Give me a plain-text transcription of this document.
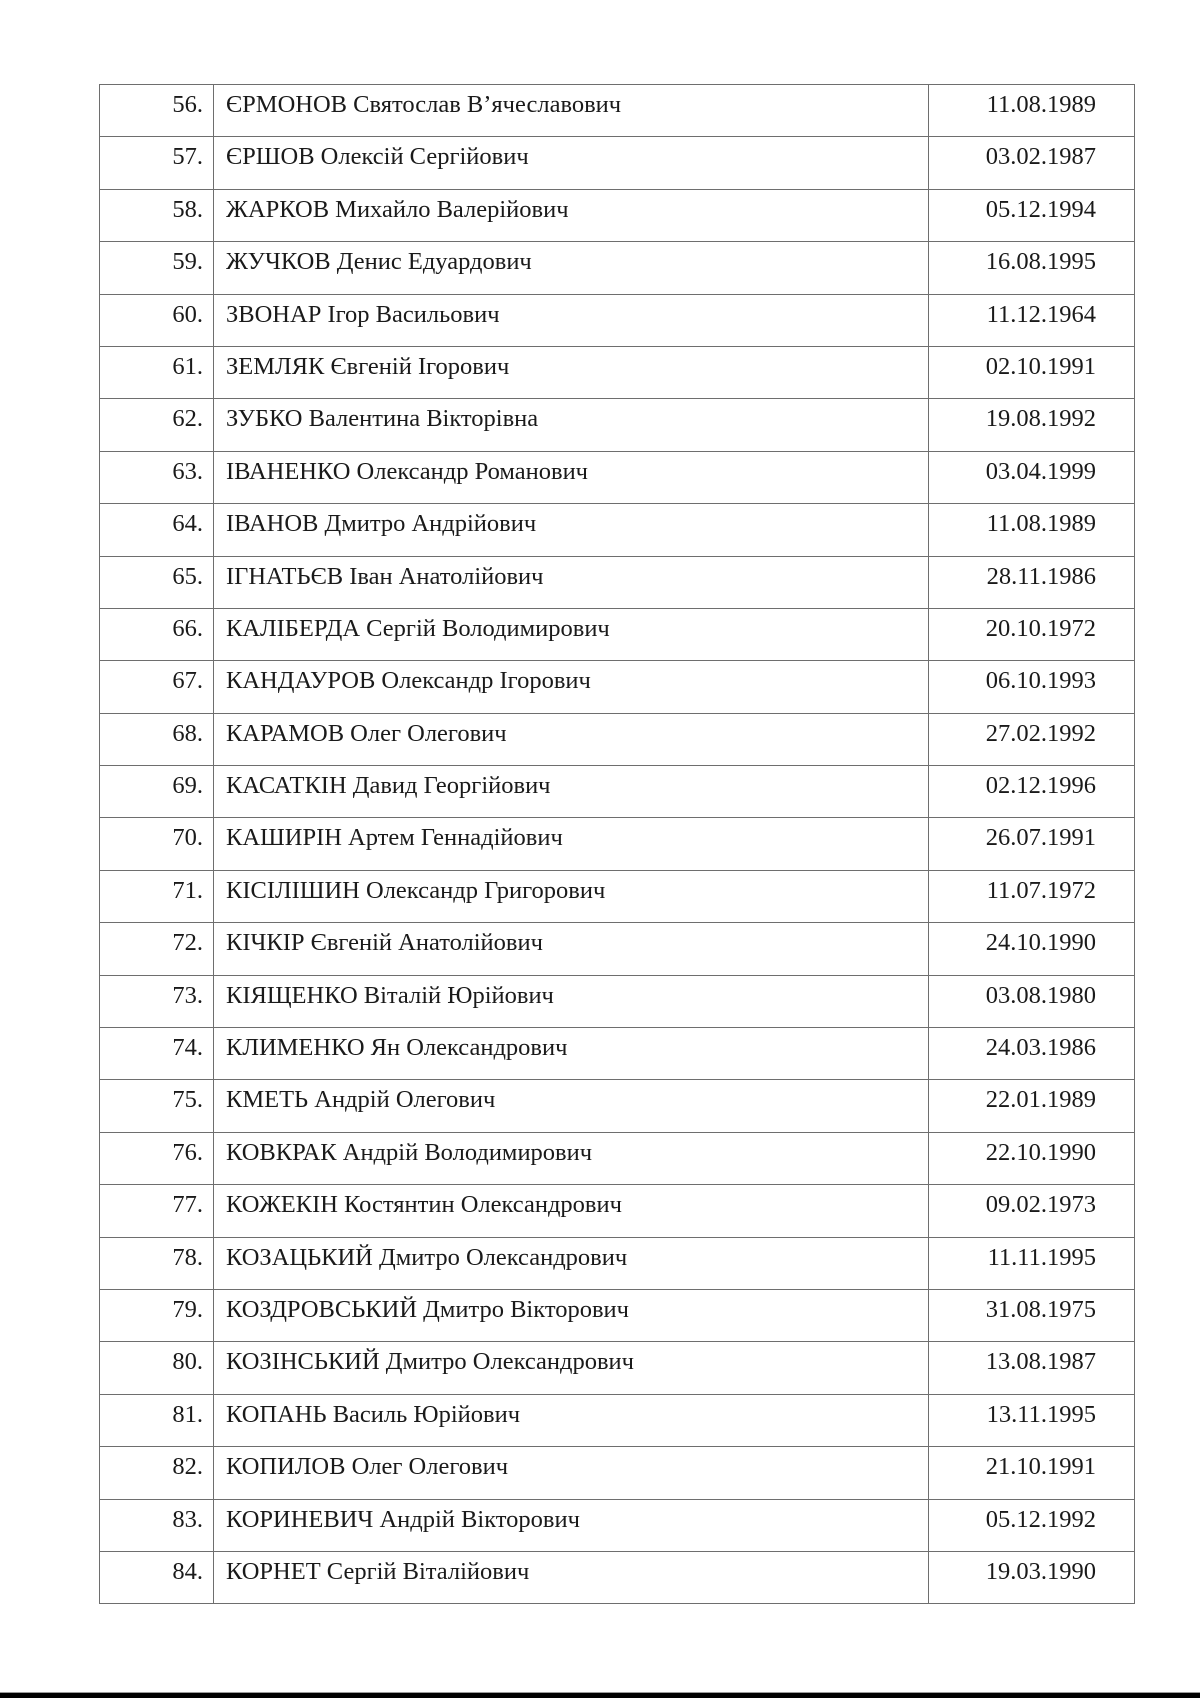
56.	ЄРМОНОВ Святослав В’ячеславович	11.08.1989
57.	ЄРШОВ Олексій Сергійович	03.02.1987
58.	ЖАРКОВ Михайло Валерійович	05.12.1994
59.	ЖУЧКОВ Денис Едуардович	16.08.1995
60.	ЗВОНАР Ігор Васильович	11.12.1964
61.	ЗЕМЛЯК Євгеній Ігорович	02.10.1991
62.	ЗУБКО Валентина Вікторівна	19.08.1992
63.	ІВАНЕНКО Олександр Романович	03.04.1999
64.	ІВАНОВ Дмитро Андрійович	11.08.1989
65.	ІГНАТЬЄВ Іван Анатолійович	28.11.1986
66.	КАЛІБЕРДА Сергій Володимирович	20.10.1972
67.	КАНДАУРОВ Олександр Ігорович	06.10.1993
68.	КАРАМОВ Олег Олегович	27.02.1992
69.	КАСАТКІН Давид Георгійович	02.12.1996
70.	КАШИРІН Артем Геннадійович	26.07.1991
71.	КІСІЛІШИН Олександр Григорович	11.07.1972
72.	КІЧКІР Євгеній Анатолійович	24.10.1990
73.	КІЯЩЕНКО Віталій Юрійович	03.08.1980
74.	КЛИМЕНКО Ян Олександрович	24.03.1986
75.	КМЕТЬ Андрій Олегович	22.01.1989
76.	КОВКРАК Андрій Володимирович	22.10.1990
77.	КОЖЕКІН Костянтин Олександрович	09.02.1973
78.	КОЗАЦЬКИЙ Дмитро Олександрович	11.11.1995
79.	КОЗДРОВСЬКИЙ Дмитро Вікторович	31.08.1975
80.	КОЗІНСЬКИЙ Дмитро Олександрович	13.08.1987
81.	КОПАНЬ Василь Юрійович	13.11.1995
82.	КОПИЛОВ Олег Олегович	21.10.1991
83.	КОРИНЕВИЧ Андрій Вікторович	05.12.1992
84.	КОРНЕТ Сергій Віталійович	19.03.1990
